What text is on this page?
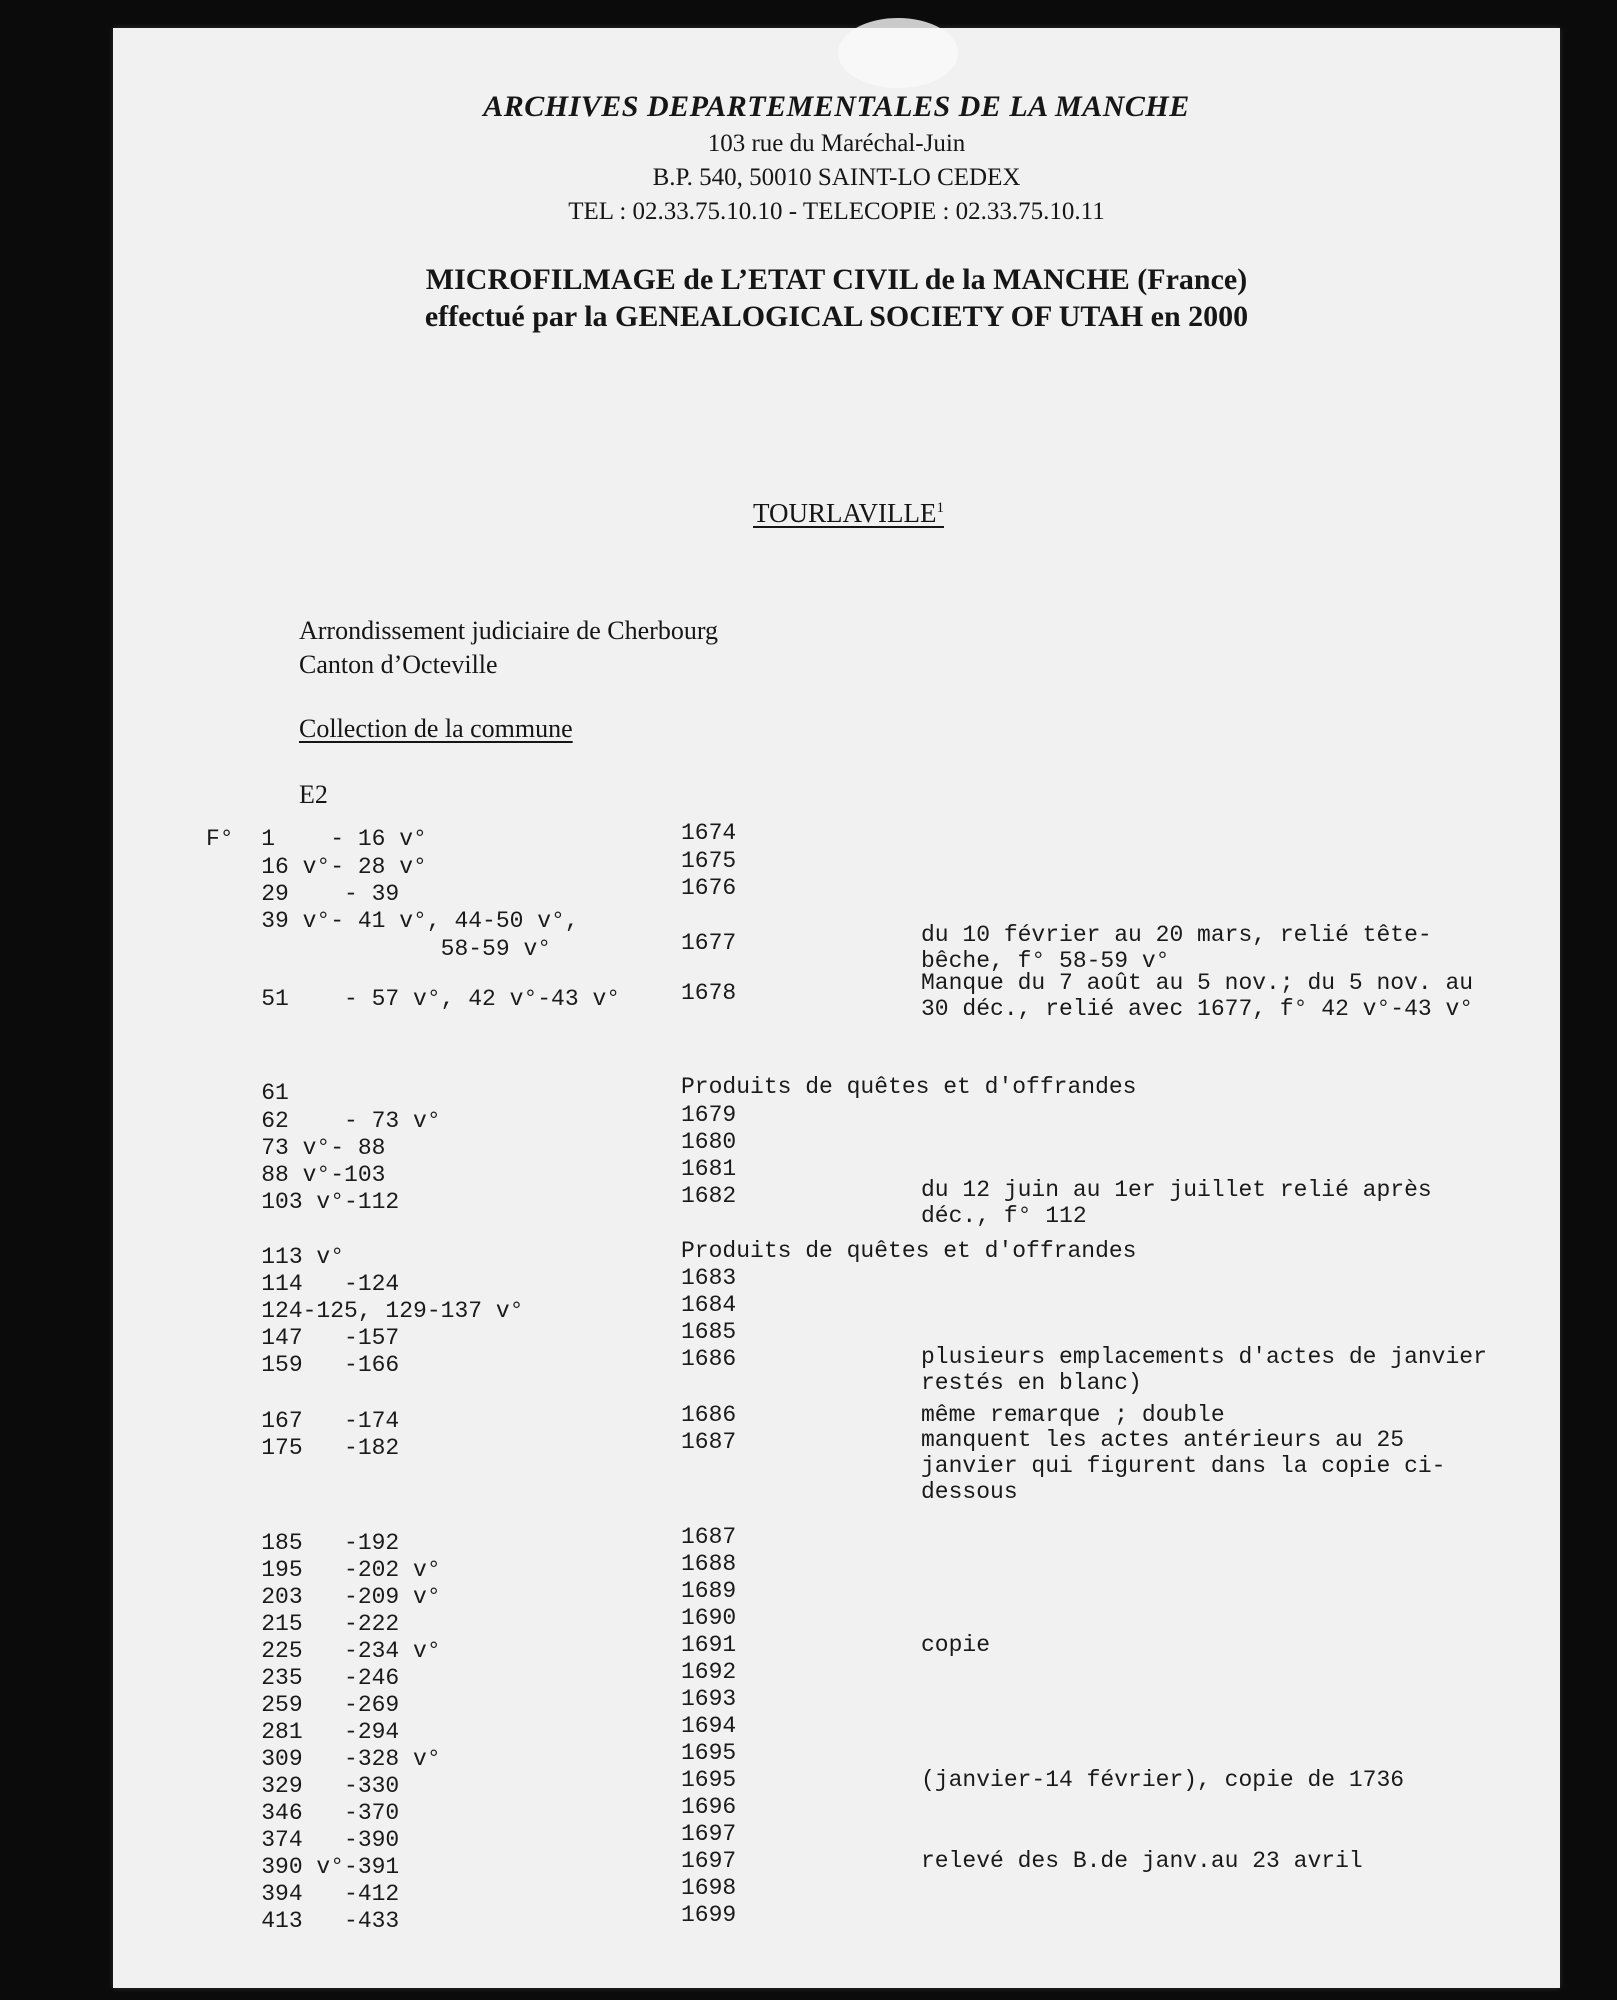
ARCHIVES DEPARTEMENTALES DE LA MANCHE
103 rue du Maréchal-Juin
B.P. 540, 50010 SAINT-LO CEDEX
TEL : 02.33.75.10.10 - TELECOPIE : 02.33.75.10.11
MICROFILMAGE de L’ETAT CIVIL de la MANCHE (France)
effectué par la GENEALOGICAL SOCIETY OF UTAH en 2000
TOURLAVILLE$^1$
Arrondissement judiciaire de Cherbourg
Canton d’Octeville
Collection de la commune
E2
F°  1    - 16 v°	1674
16 v°- 28 v°	1675
29    - 39	1676
39 v°- 41 v°, 44-50 v°,
58-59 v°	1677	du 10 février au 20 mars, relié tête-bêche, f° 58-59 v°
51    - 57 v°, 42 v°-43 v°	1678	Manque du 7 août au 5 nov.; du 5 nov. au 30 déc., relié avec 1677, f° 42 v°-43 v°
61	Produits de quêtes et d'offrandes
62    - 73 v°	1679
73 v°- 88	1680
88 v°-103	1681
103 v°-112	1682	du 12 juin au 1er juillet relié après déc., f° 112
113 v°	Produits de quêtes et d'offrandes
114   -124	1683
124-125, 129-137 v°	1684
147   -157	1685
159   -166	1686	plusieurs emplacements d'actes de janvier restés en blanc)
167   -174	1686	même remarque ; double
175   -182	1687	manquent les actes antérieurs au 25 janvier qui figurent dans la copie ci-dessous
185   -192	1687
195   -202 v°	1688
203   -209 v°	1689
215   -222	1690
225   -234 v°	1691	copie
235   -246	1692
259   -269	1693
281   -294	1694
309   -328 v°	1695
329   -330	1695	(janvier-14 février), copie de 1736
346   -370	1696
374   -390	1697
390 v°-391	1697	relevé des B.de janv.au 23 avril
394   -412	1698
413   -433	1699
